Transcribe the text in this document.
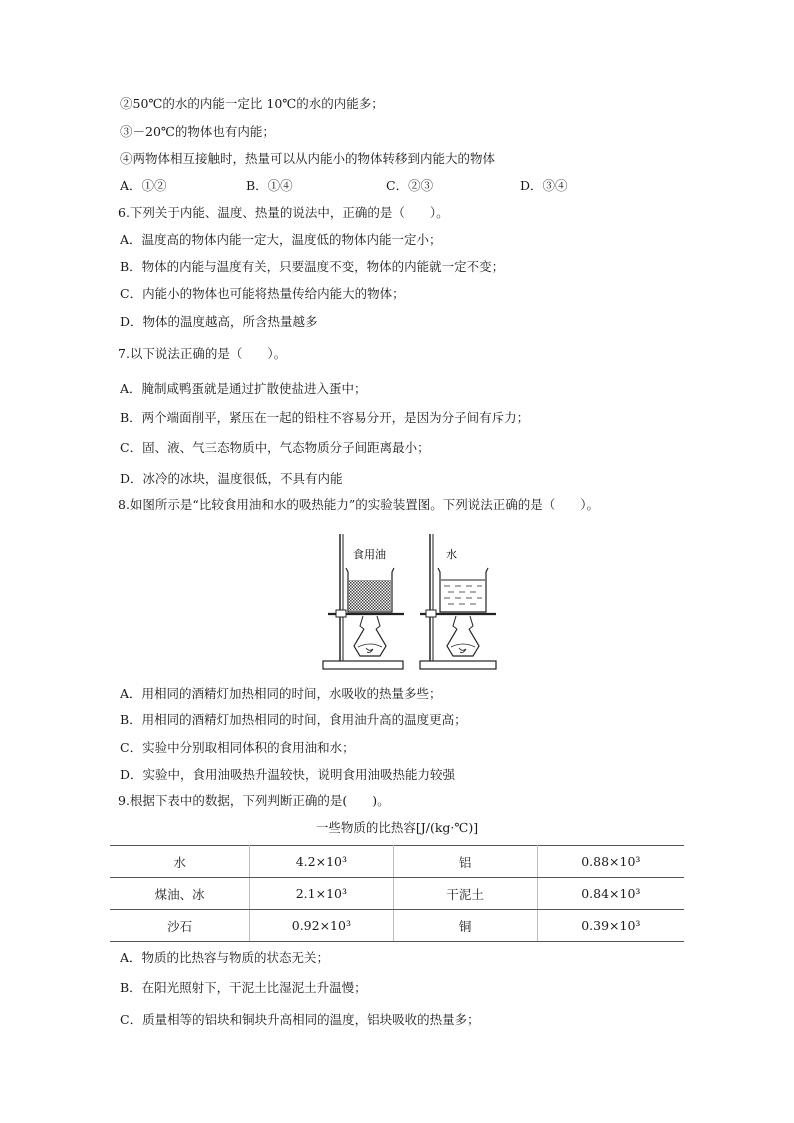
②50℃的水的内能一定比 10℃的水的内能多；
③－20℃的物体也有内能；
④两物体相互接触时，热量可以从内能小的物体转移到内能大的物体
A．①②	B．①④	C．②③	D．③④
6.下列关于内能、温度、热量的说法中，正确的是（　　）。
A．温度高的物体内能一定大，温度低的物体内能一定小；
B．物体的内能与温度有关，只要温度不变，物体的内能就一定不变；
C．内能小的物体也可能将热量传给内能大的物体；
D．物体的温度越高，所含热量越多
7.以下说法正确的是（　　）。
A．腌制咸鸭蛋就是通过扩散使盐进入蛋中；
B．两个端面削平，紧压在一起的铅柱不容易分开，是因为分子间有斥力；
C．固、液、气三态物质中，气态物质分子间距离最小；
D．冰冷的冰块，温度很低，不具有内能
8.如图所示是“比较食用油和水的吸热能力”的实验装置图。下列说法正确的是（　　）。
食用油	水
A．用相同的酒精灯加热相同的时间，水吸收的热量多些；
B．用相同的酒精灯加热相同的时间，食用油升高的温度更高；
C．实验中分别取相同体积的食用油和水；
D．实验中，食用油吸热升温较快，说明食用油吸热能力较强
9.根据下表中的数据，下列判断正确的是(　　)。
一些物质的比热容[J/(kg·℃)]
水	4.2×10³	铝	0.88×10³
煤油、冰	2.1×10³	干泥土	0.84×10³
沙石	0.92×10³	铜	0.39×10³
A．物质的比热容与物质的状态无关；
B．在阳光照射下，干泥土比湿泥土升温慢；
C．质量相等的铝块和铜块升高相同的温度，铝块吸收的热量多；
